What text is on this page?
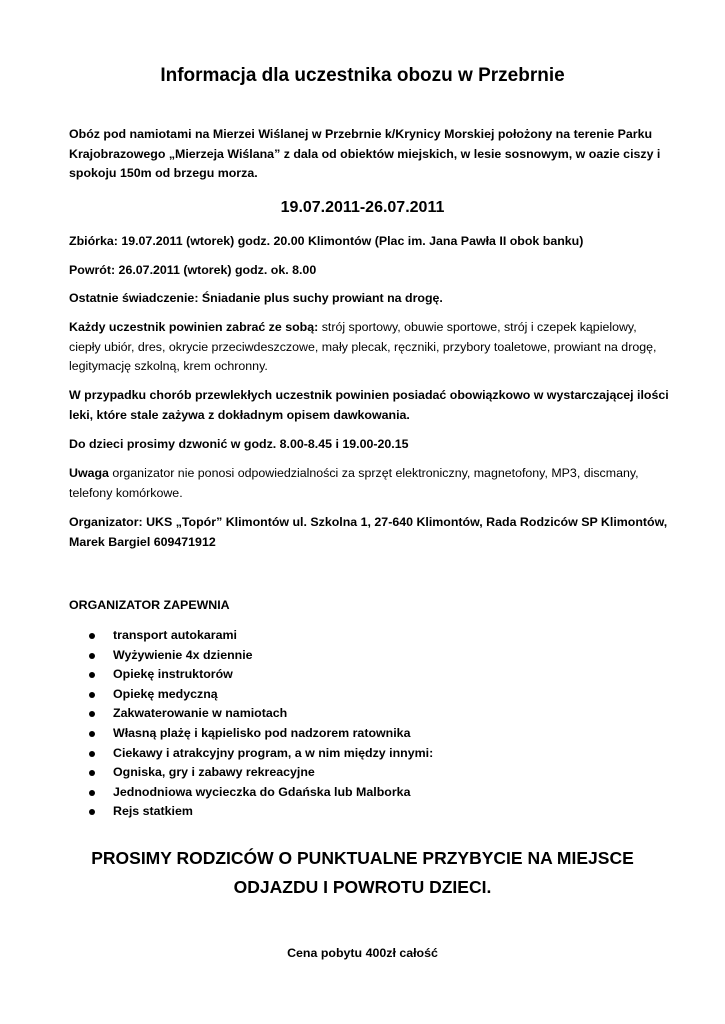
Informacja dla uczestnika obozu w Przebrnie

Obóz pod namiotami na Mierzei Wiślanej w Przebrnie k/Krynicy Morskiej położony na terenie Parku Krajobrazowego „Mierzeja Wiślana” z dala od obiektów miejskich, w lesie sosnowym, w oazie ciszy i spokoju 150m od brzegu morza.

19.07.2011-26.07.2011

Zbiórka: 19.07.2011 (wtorek) godz. 20.00 Klimontów (Plac im. Jana Pawła II obok banku)

Powrót: 26.07.2011 (wtorek) godz. ok. 8.00

Ostatnie świadczenie: Śniadanie plus suchy prowiant na drogę.

Każdy uczestnik powinien zabrać ze sobą: strój sportowy, obuwie sportowe, strój i czepek kąpielowy, ciepły ubiór, dres, okrycie przeciwdeszczowe, mały plecak, ręczniki, przybory toaletowe, prowiant na drogę, legitymację szkolną, krem ochronny.

W przypadku chorób przewlekłych uczestnik powinien posiadać obowiązkowo w wystarczającej ilości leki, które stale zażywa z dokładnym opisem dawkowania.

Do dzieci prosimy dzwonić w godz. 8.00-8.45 i 19.00-20.15

Uwaga organizator nie ponosi odpowiedzialności za sprzęt elektroniczny, magnetofony, MP3, discmany, telefony komórkowe.

Organizator: UKS „Topór” Klimontów ul. Szkolna 1, 27-640 Klimontów, Rada Rodziców SP Klimontów, Marek Bargiel 609471912

ORGANIZATOR ZAPEWNIA
transport autokarami
Wyżywienie 4x dziennie
Opiekę instruktorów
Opiekę medyczną
Zakwaterowanie w namiotach
Własną plażę i kąpielisko pod nadzorem ratownika
Ciekawy i atrakcyjny program, a w nim między innymi:
Ogniska, gry i zabawy rekreacyjne
Jednodniowa wycieczka do Gdańska lub Malborka
Rejs statkiem
PROSIMY RODZICÓW O PUNKTUALNE PRZYBYCIE NA MIEJSCE
ODJAZDU I POWROTU DZIECI.
Cena pobytu 400zł całość
